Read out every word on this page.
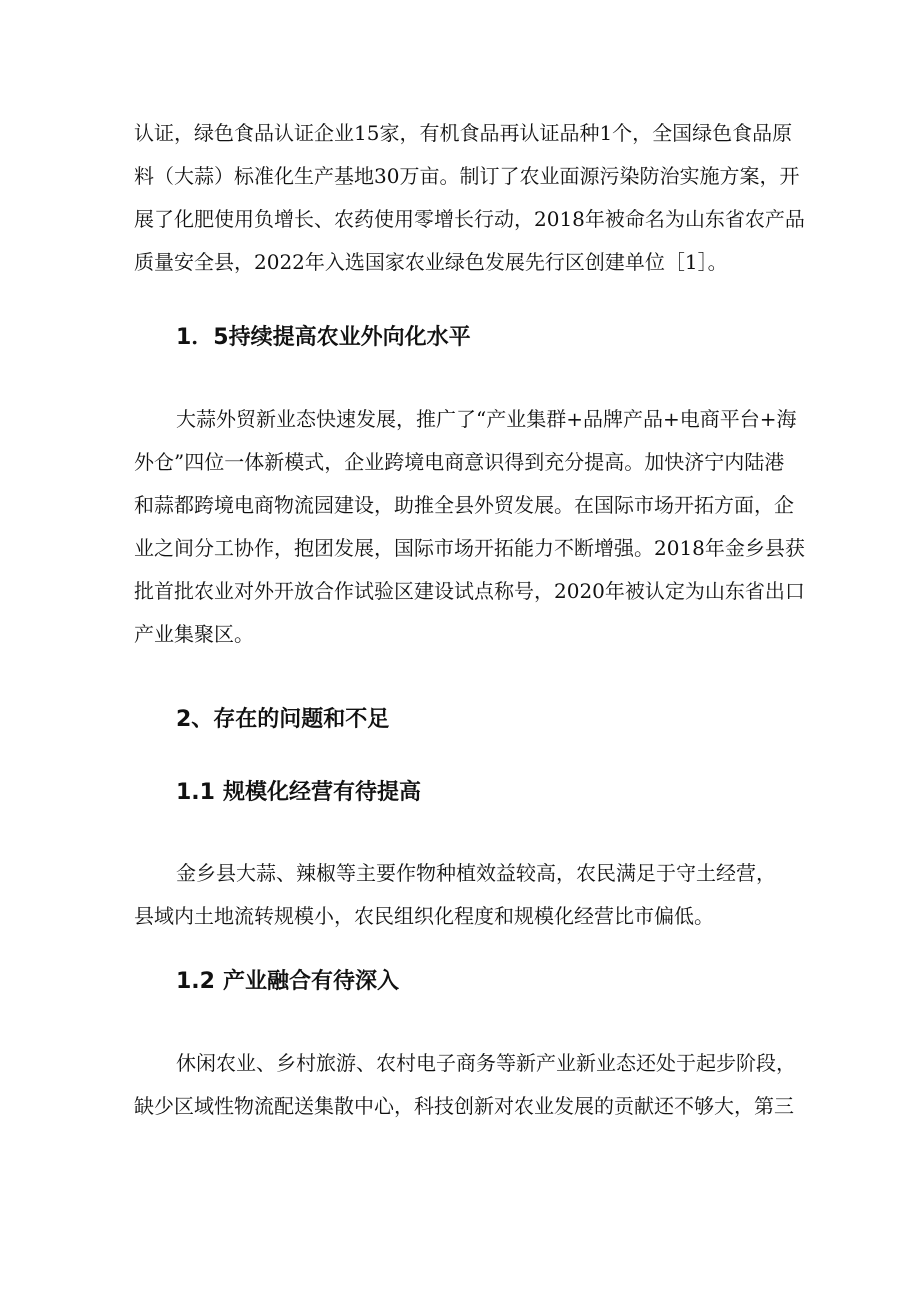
认证，绿色食品认证企业15家，有机食品再认证品种1个，全国绿色食品原
料（大蒜）标准化生产基地30万亩。制订了农业面源污染防治实施方案，开
展了化肥使用负增长、农药使用零增长行动，2018年被命名为山东省农产品
质量安全县，2022年入选国家农业绿色发展先行区创建单位［1］。

1．5持续提高农业外向化水平

大蒜外贸新业态快速发展，推广了“产业集群+品牌产品+电商平台+海
外仓”四位一体新模式，企业跨境电商意识得到充分提高。加快济宁内陆港
和蒜都跨境电商物流园建设，助推全县外贸发展。在国际市场开拓方面，企
业之间分工协作，抱团发展，国际市场开拓能力不断增强。2018年金乡县获
批首批农业对外开放合作试验区建设试点称号，2020年被认定为山东省出口
产业集聚区。

2、存在的问题和不足
1.1 规模化经营有待提高

金乡县大蒜、辣椒等主要作物种植效益较高，农民满足于守土经营，
县域内土地流转规模小，农民组织化程度和规模化经营比市偏低。

1.2 产业融合有待深入

休闲农业、乡村旅游、农村电子商务等新产业新业态还处于起步阶段，
缺少区域性物流配送集散中心，科技创新对农业发展的贡献还不够大，第三
